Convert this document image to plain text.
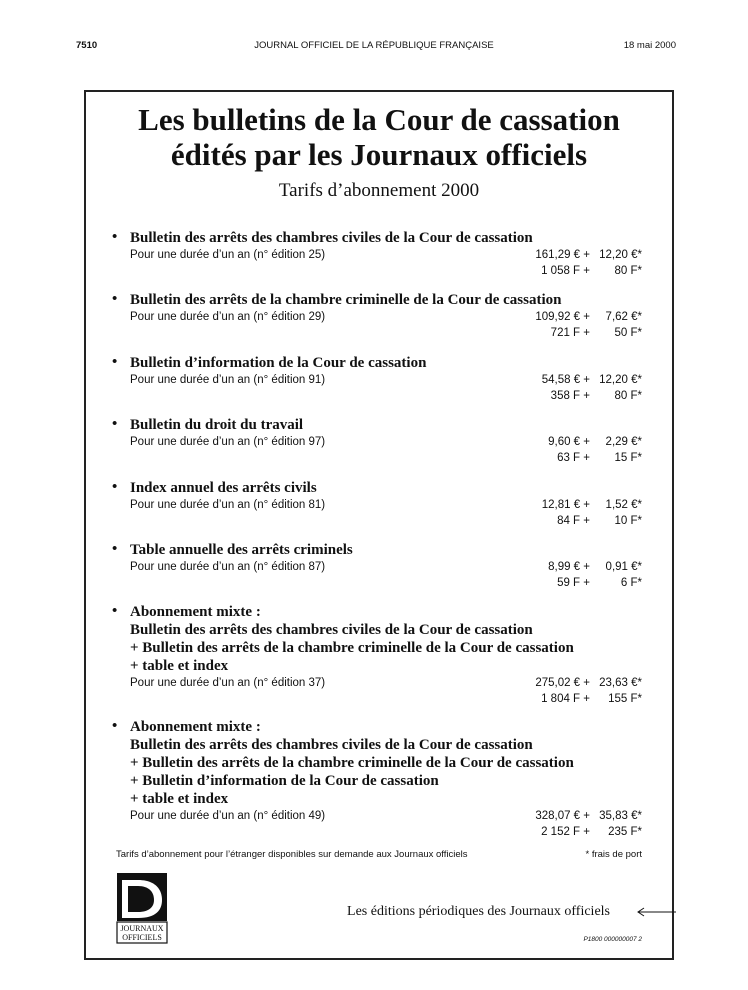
7510	JOURNAL OFFICIEL DE LA RÉPUBLIQUE FRANÇAISE	18 mai 2000
Les bulletins de la Cour de cassation
édités par les Journaux officiels
Tarifs d’abonnement 2000
• Bulletin des arrêts des chambres civiles de la Cour de cassation
Pour une durée d’un an (n° édition 25)	161,29 € + 12,20 €*
1 058 F +	80 F*
• Bulletin des arrêts de la chambre criminelle de la Cour de cassation
Pour une durée d’un an (n° édition 29)	109,92 € +	7,62 €*
721 F +	50 F*
• Bulletin d’information de la Cour de cassation
Pour une durée d’un an (n° édition 91)	54,58 € + 12,20 €*
358 F +	80 F*
• Bulletin du droit du travail
Pour une durée d’un an (n° édition 97)	9,60 € +	2,29 €*
63 F +	15 F*
• Index annuel des arrêts civils
Pour une durée d’un an (n° édition 81)	12,81 € +	1,52 €*
84 F +	10 F*
• Table annuelle des arrêts criminels
Pour une durée d’un an (n° édition 87)	8,99 € +	0,91 €*
59 F +	6 F*
• Abonnement mixte :
Bulletin des arrêts des chambres civiles de la Cour de cassation
+ Bulletin des arrêts de la chambre criminelle de la Cour de cassation
+ table et index
Pour une durée d’un an (n° édition 37)	275,02 € + 23,63 €*
1 804 F +	155 F*
• Abonnement mixte :
Bulletin des arrêts des chambres civiles de la Cour de cassation
+ Bulletin des arrêts de la chambre criminelle de la Cour de cassation
+ Bulletin d’information de la Cour de cassation
+ table et index
Pour une durée d’un an (n° édition 49)	328,07 € + 35,83 €*
2 152 F +	235 F*
Tarifs d’abonnement pour l’étranger disponibles sur demande aux Journaux officiels	* frais de port
JOURNAUX
OFFICIELS
Les éditions périodiques des Journaux officiels
P1800 000000007 2
